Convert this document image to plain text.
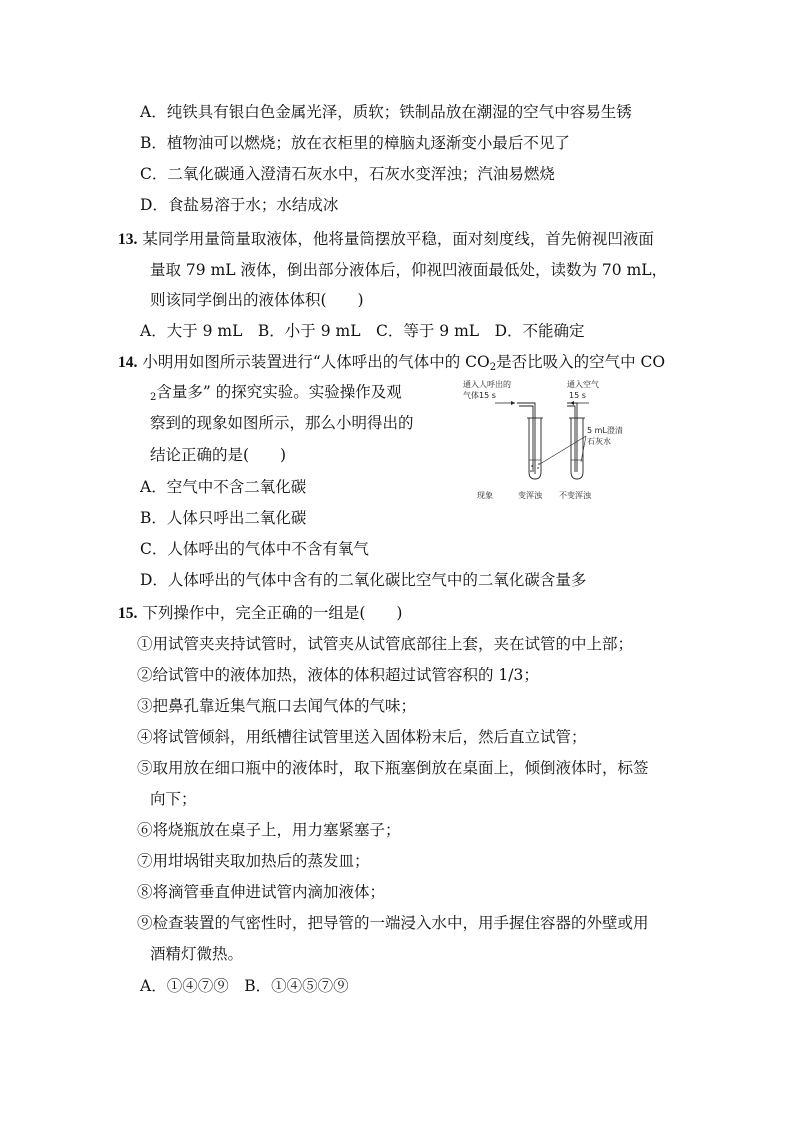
A．纯铁具有银白色金属光泽，质软；铁制品放在潮湿的空气中容易生锈
B．植物油可以燃烧；放在衣柜里的樟脑丸逐渐变小最后不见了
C．二氧化碳通入澄清石灰水中，石灰水变浑浊；汽油易燃烧
D．食盐易溶于水；水结成冰
13. 某同学用量筒量取液体，他将量筒摆放平稳，面对刻度线，首先俯视凹液面
量取 79 mL 液体，倒出部分液体后，仰视凹液面最低处，读数为 70 mL，
则该同学倒出的液体体积(　　)
A．大于 9 mL　B．小于 9 mL　C．等于 9 mL　D．不能确定
14. 小明用如图所示装置进行“人体呼出的气体中的 $CO_2$是否比吸入的空气中 CO
$_2$含量多” 的探究实验。实验操作及观
察到的现象如图所示，那么小明得出的
结论正确的是(　　)
A．空气中不含二氧化碳
B．人体只呼出二氧化碳
C．人体呼出的气体中不含有氧气
D．人体呼出的气体中含有的二氧化碳比空气中的二氧化碳含量多
通入人呼出的
气体15 s
通入空气
15 s
5 mL澄清
石灰水
现象	变浑浊 不变浑浊
15. 下列操作中，完全正确的一组是(　　)
①用试管夹夹持试管时，试管夹从试管底部往上套，夹在试管的中上部；
②给试管中的液体加热，液体的体积超过试管容积的 1/3；
③把鼻孔靠近集气瓶口去闻气体的气味；
④将试管倾斜，用纸槽往试管里送入固体粉末后，然后直立试管；
⑤取用放在细口瓶中的液体时，取下瓶塞倒放在桌面上，倾倒液体时，标签
向下；
⑥将烧瓶放在桌子上，用力塞紧塞子；
⑦用坩埚钳夹取加热后的蒸发皿；
⑧将滴管垂直伸进试管内滴加液体；
⑨检查装置的气密性时，把导管的一端浸入水中，用手握住容器的外壁或用
酒精灯微热。
A．①④⑦⑨　B．①④⑤⑦⑨
